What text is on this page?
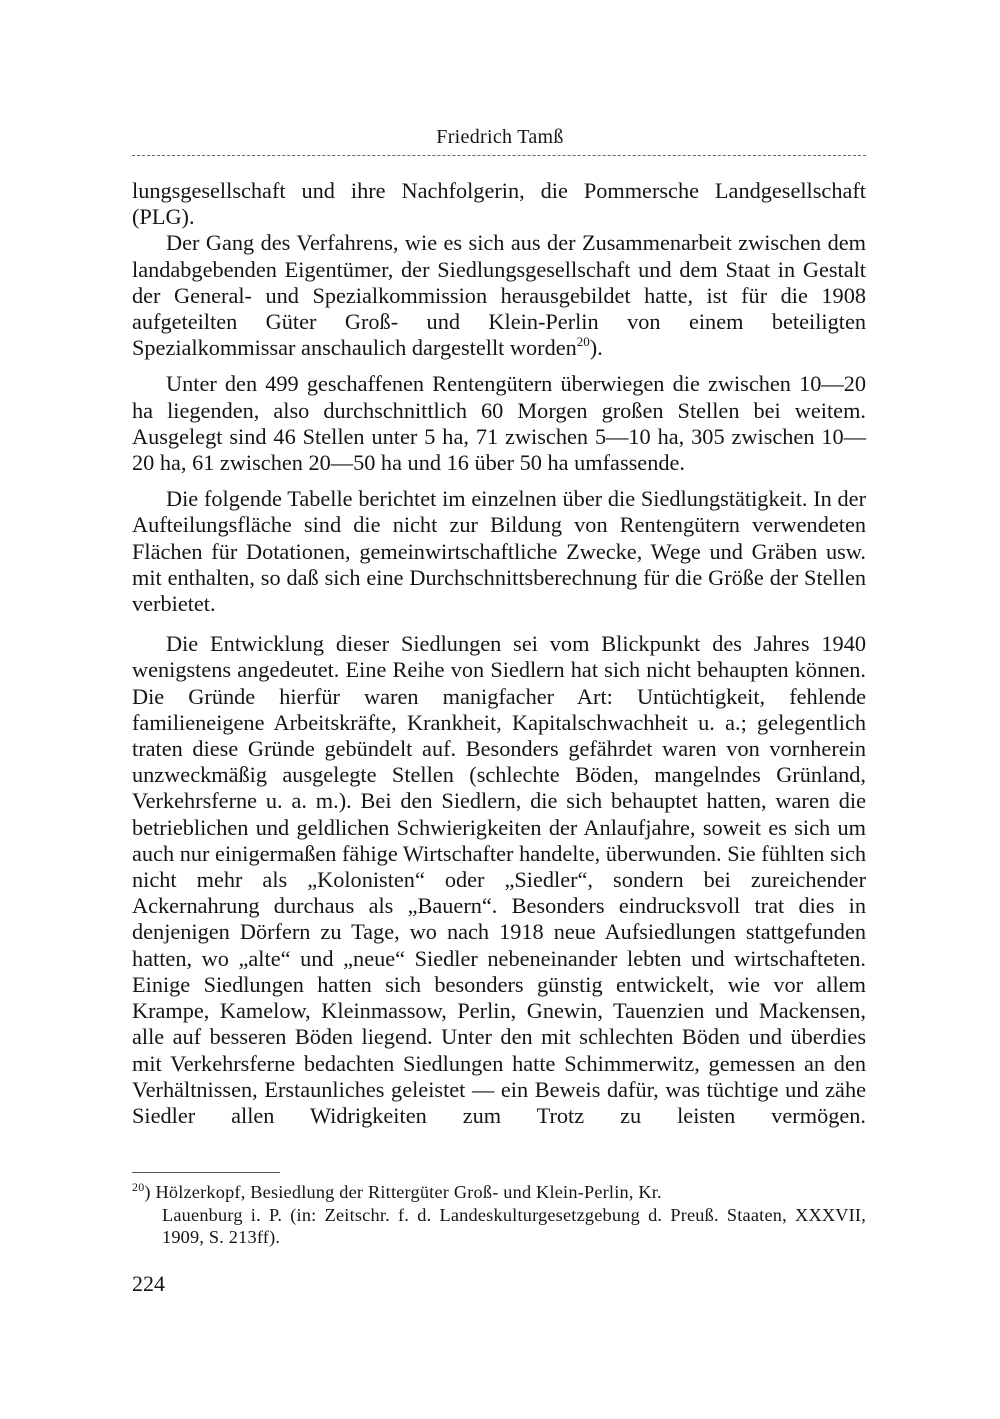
Friedrich Tamß

lungsgesellschaft und ihre Nachfolgerin, die Pommersche Landgesellschaft (PLG).

Der Gang des Verfahrens, wie es sich aus der Zusammenarbeit zwischen dem landabgebenden Eigentümer, der Siedlungsgesellschaft und dem Staat in Gestalt der General- und Spezialkommission herausgebildet hatte, ist für die 1908 aufgeteilten Güter Groß- und Klein-Perlin von einem beteiligten Spezialkommissar anschaulich dargestellt worden$^{20}$).

Unter den 499 geschaffenen Rentengütern überwiegen die zwischen 10—20 ha liegenden, also durchschnittlich 60 Morgen großen Stellen bei weitem. Ausgelegt sind 46 Stellen unter 5 ha, 71 zwischen 5—10 ha, 305 zwischen 10—20 ha, 61 zwischen 20—50 ha und 16 über 50 ha umfassende.

Die folgende Tabelle berichtet im einzelnen über die Siedlungstätigkeit. In der Aufteilungsfläche sind die nicht zur Bildung von Rentengütern verwendeten Flächen für Dotationen, gemeinwirtschaftliche Zwecke, Wege und Gräben usw. mit enthalten, so daß sich eine Durchschnittsberechnung für die Größe der Stellen verbietet.

Die Entwicklung dieser Siedlungen sei vom Blickpunkt des Jahres 1940 wenigstens angedeutet. Eine Reihe von Siedlern hat sich nicht behaupten können. Die Gründe hierfür waren manigfacher Art: Untüchtigkeit, fehlende familieneigene Arbeitskräfte, Krankheit, Kapitalschwachheit u. a.; gelegentlich traten diese Gründe gebündelt auf. Besonders gefährdet waren von vornherein unzweckmäßig ausgelegte Stellen (schlechte Böden, mangelndes Grünland, Verkehrsferne u. a. m.). Bei den Siedlern, die sich behauptet hatten, waren die betrieblichen und geldlichen Schwierigkeiten der Anlaufjahre, soweit es sich um auch nur einigermaßen fähige Wirtschafter handelte, überwunden. Sie fühlten sich nicht mehr als „Kolonisten“ oder „Siedler“, sondern bei zureichender Ackernahrung durchaus als „Bauern“. Besonders eindrucksvoll trat dies in denjenigen Dörfern zu Tage, wo nach 1918 neue Aufsiedlungen stattgefunden hatten, wo „alte“ und „neue“ Siedler nebeneinander lebten und wirtschafteten. Einige Siedlungen hatten sich besonders günstig entwickelt, wie vor allem Krampe, Kamelow, Kleinmassow, Perlin, Gnewin, Tauenzien und Mackensen, alle auf besseren Böden liegend. Unter den mit schlechten Böden und überdies mit Verkehrsferne bedachten Siedlungen hatte Schimmerwitz, gemessen an den Verhältnissen, Erstaunliches geleistet — ein Beweis dafür, was tüchtige und zähe Siedler allen Widrigkeiten zum Trotz zu leisten vermögen.

$^{20}$) Hölzerkopf, Besiedlung der Rittergüter Groß- und Klein-Perlin, Kr.
Lauenburg i. P. (in: Zeitschr. f. d. Landeskulturgesetzgebung d. Preuß. Staaten, XXXVII, 1909, S. 213ff).
224
